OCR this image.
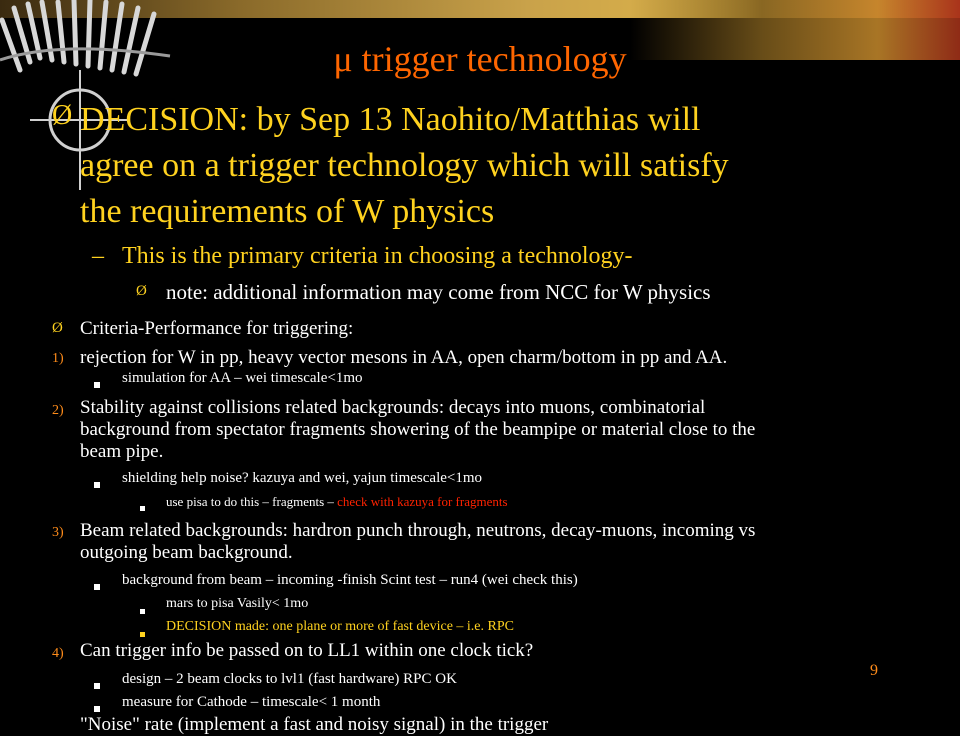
μ trigger technology
Ø DECISION: by Sep 13 Naohito/Matthias will
agree on a trigger technology which will satisfy
the requirements of W physics
– This is the primary criteria in choosing a technology-
Ø note: additional information may come from NCC for W physics
Ø Criteria-Performance for triggering:
1) rejection for W in pp, heavy vector mesons in AA, open charm/bottom in pp and AA.
simulation for AA – wei timescale<1mo
2) Stability against collisions related backgrounds: decays into muons, combinatorial
background from spectator fragments showering of the beampipe or material close to the
beam pipe.
shielding help noise? kazuya and wei, yajun timescale<1mo
use pisa to do this – fragments – check with kazuya for fragments
3) Beam related backgrounds: hardron punch through, neutrons, decay-muons, incoming vs
outgoing beam background.
background from beam – incoming -finish Scint test – run4 (wei check this)
mars to pisa Vasily< 1mo
DECISION made: one plane or more of fast device – i.e. RPC
4) Can trigger info be passed on to LL1 within one clock tick?
design – 2 beam clocks to lvl1 (fast hardware) RPC OK
measure for Cathode – timescale< 1 month
"Noise" rate (implement a fast and noisy signal) in the trigger
9
